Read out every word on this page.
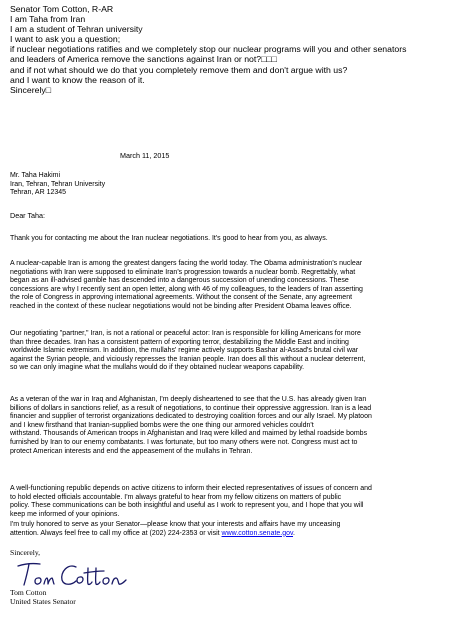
Senator Tom Cotton, R-AR
I am Taha from Iran
I am a student of Tehran university
I want to ask you a question;
if nuclear negotiations ratifies and we completely stop our nuclear programs will you and other senators
and leaders of America remove the sanctions against Iran or not?□□□
and if not what should we do that you completely remove them and don't argue with us?
and I want to know the reason of it.
Sincerely□
March 11, 2015
Mr. Taha Hakimi
Iran, Tehran, Tehran University
Tehran, AR 12345
Dear Taha:
Thank you for contacting me about the Iran nuclear negotiations. It's good to hear from you, as always.
A nuclear-capable Iran is among the greatest dangers facing the world today. The Obama administration's nuclear
negotiations with Iran were supposed to eliminate Iran's progression towards a nuclear bomb. Regrettably, what
began as an ill-advised gamble has descended into a dangerous succession of unending concessions. These
concessions are why I recently sent an open letter, along with 46 of my colleagues, to the leaders of Iran asserting
the role of Congress in approving international agreements. Without the consent of the Senate, any agreement
reached in the context of these nuclear negotiations would not be binding after President Obama leaves office.
Our negotiating "partner," Iran, is not a rational or peaceful actor: Iran is responsible for killing Americans for more
than three decades. Iran has a consistent pattern of exporting terror, destabilizing the Middle East and inciting
worldwide Islamic extremism. In addition, the mullahs' regime actively supports Bashar al-Assad's brutal civil war
against the Syrian people, and viciously represses the Iranian people. Iran does all this without a nuclear deterrent,
so we can only imagine what the mullahs would do if they obtained nuclear weapons capability.
As a veteran of the war in Iraq and Afghanistan, I'm deeply disheartened to see that the U.S. has already given Iran
billions of dollars in sanctions relief, as a result of negotiations, to continue their oppressive aggression. Iran is a lead
financier and supplier of terrorist organizations dedicated to destroying coalition forces and our ally Israel. My platoon
and I knew firsthand that Iranian-supplied bombs were the one thing our armored vehicles couldn't
withstand. Thousands of American troops in Afghanistan and Iraq were killed and maimed by lethal roadside bombs
furnished by Iran to our enemy combatants. I was fortunate, but too many others were not. Congress must act to
protect American interests and end the appeasement of the mullahs in Tehran.
A well-functioning republic depends on active citizens to inform their elected representatives of issues of concern and
to hold elected officials accountable. I'm always grateful to hear from my fellow citizens on matters of public
policy. These communications can be both insightful and useful as I work to represent you, and I hope that you will
keep me informed of your opinions.
I'm truly honored to serve as your Senator—please know that your interests and affairs have my unceasing
attention. Always feel free to call my office at (202) 224-2353 or visit www.cotton.senate.gov.
Sincerely,
Tom Cotton
United States Senator
